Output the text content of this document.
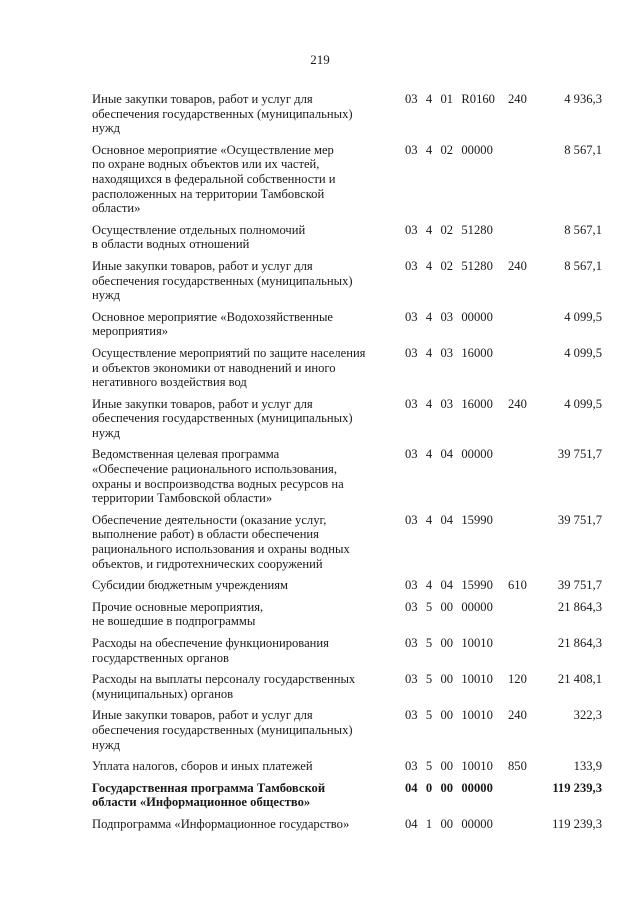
219
Иные закупки товаров, работ и услуг для
обеспечения государственных (муниципальных)
нужд
03  4  01  R0160 240	4 936,3
Основное мероприятие «Осуществление мер
по охране водных объектов или их частей,
находящихся в федеральной собственности и
расположенных на территории Тамбовской
области»
03  4  02  00000	8 567,1
Осуществление отдельных полномочий
в области водных отношений
03  4  02  51280	8 567,1
Иные закупки товаров, работ и услуг для
обеспечения государственных (муниципальных)
нужд
03  4  02  51280 240	8 567,1
Основное мероприятие «Водохозяйственные
мероприятия»
03  4  03  00000	4 099,5
Осуществление мероприятий по защите населения
и объектов экономики от наводнений и иного
негативного воздействия вод
03  4  03  16000	4 099,5
Иные закупки товаров, работ и услуг для
обеспечения государственных (муниципальных)
нужд
03  4  03  16000 240	4 099,5
Ведомственная целевая программа
«Обеспечение рационального использования,
охраны и воспроизводства водных ресурсов на
территории Тамбовской области»
03  4  04  00000	39 751,7
Обеспечение деятельности (оказание услуг,
выполнение работ) в области обеспечения
рационального использования и охраны водных
объектов, и гидротехнических сооружений
03  4  04  15990	39 751,7
Субсидии бюджетным учреждениям	03  4  04  15990 610	39 751,7
Прочие основные мероприятия,
не вошедшие в подпрограммы
03  5  00  00000	21 864,3
Расходы на обеспечение функционирования
государственных органов
03  5  00  10010	21 864,3
Расходы на выплаты персоналу государственных
(муниципальных) органов
03  5  00  10010 120	21 408,1
Иные закупки товаров, работ и услуг для
обеспечения государственных (муниципальных)
нужд
03  5  00  10010 240	322,3
Уплата налогов, сборов и иных платежей	03  5  00  10010 850	133,9
Государственная программа Тамбовской
области «Информационное общество»
04  0  00  00000	119 239,3
Подпрограмма «Информационное государство»	04  1  00  00000	119 239,3
